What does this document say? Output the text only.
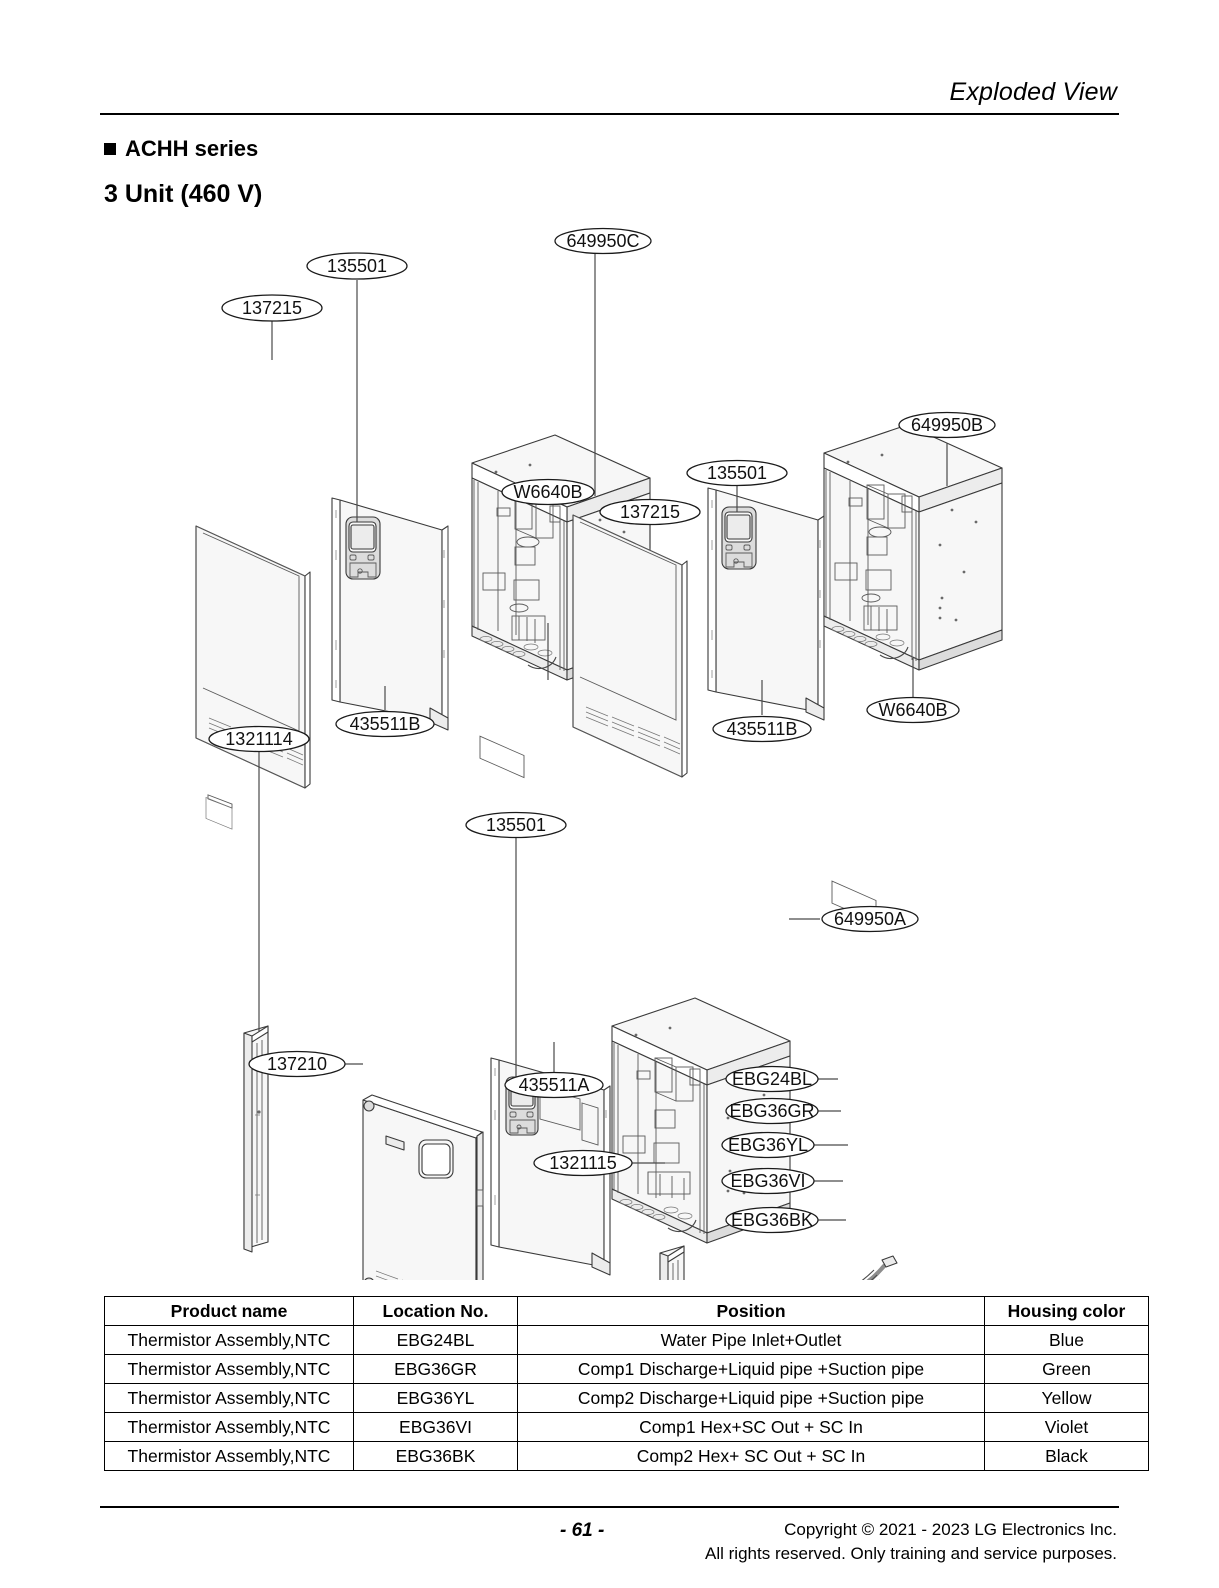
Exploded View
ACHH series
3 Unit (460 V)
137215
135501
649950C
435511B
W6640B
649950B
135501
137215
435511B
W6640B
1321114
135501
649950A
137210
435511A
1321115
EBG24BL
EBG36GR
EBG36YL
EBG36VI
EBG36BK
Product name	Location No.	Position	Housing color
Thermistor Assembly,NTC	EBG24BL	Water Pipe Inlet+Outlet	Blue
Thermistor Assembly,NTC	EBG36GR	Comp1 Discharge+Liquid pipe +Suction pipe	Green
Thermistor Assembly,NTC	EBG36YL	Comp2 Discharge+Liquid pipe +Suction pipe	Yellow
Thermistor Assembly,NTC	EBG36VI	Comp1 Hex+SC Out + SC In	Violet
Thermistor Assembly,NTC	EBG36BK	Comp2 Hex+ SC Out + SC In	Black
- 61 -	Copyright © 2021 - 2023 LG Electronics Inc.
All rights reserved. Only training and service purposes.
